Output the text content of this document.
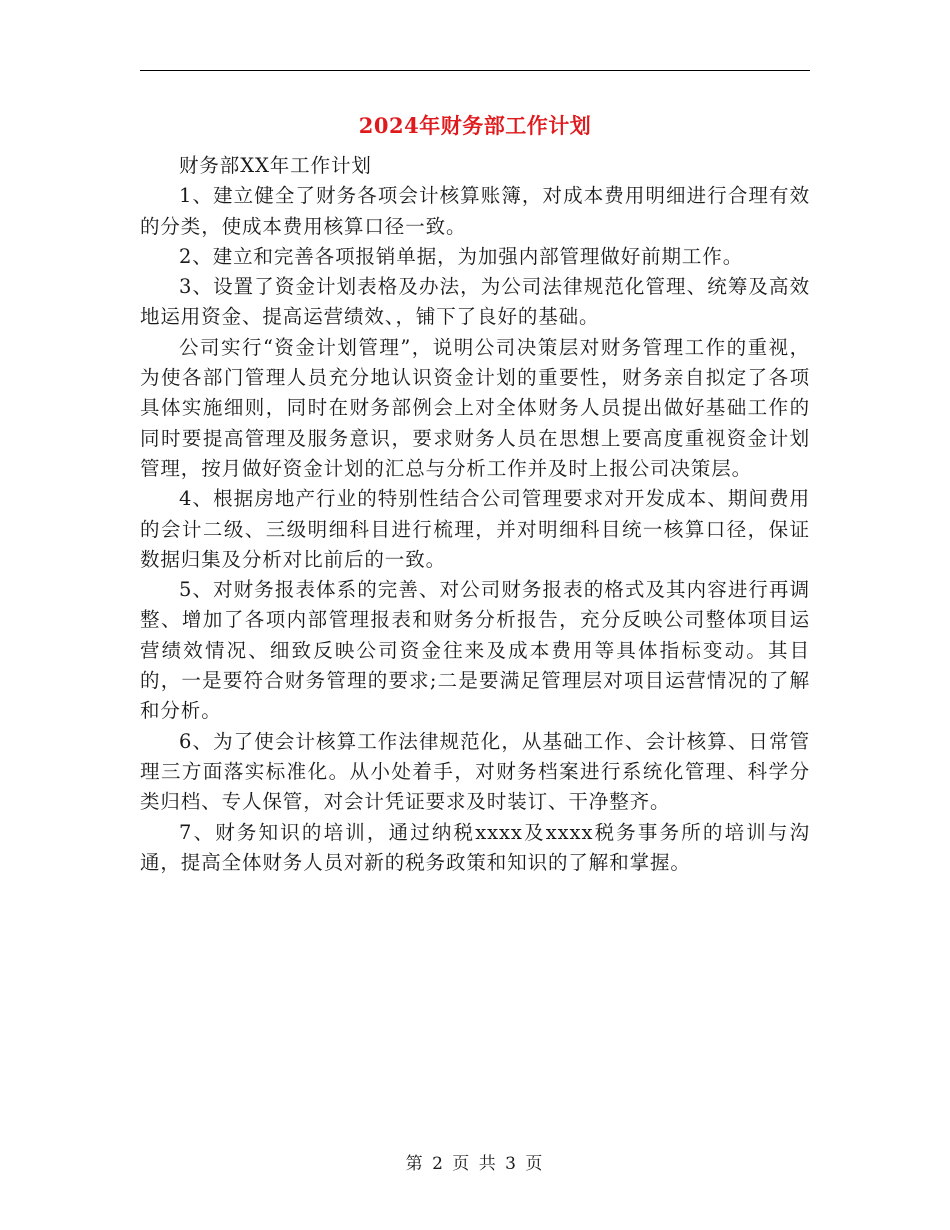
2024年财务部工作计划

财务部XX年工作计划

1、建立健全了财务各项会计核算账簿，对成本费用明细进行合理有效的分类，使成本费用核算口径一致。

2、建立和完善各项报销单据，为加强内部管理做好前期工作。

3、设置了资金计划表格及办法，为公司法律规范化管理、统筹及高效地运用资金、提高运营绩效、，铺下了良好的基础。

公司实行“资金计划管理”，说明公司决策层对财务管理工作的重视，为使各部门管理人员充分地认识资金计划的重要性，财务亲自拟定了各项具体实施细则，同时在财务部例会上对全体财务人员提出做好基础工作的同时要提高管理及服务意识，要求财务人员在思想上要高度重视资金计划管理，按月做好资金计划的汇总与分析工作并及时上报公司决策层。

4、根据房地产行业的特别性结合公司管理要求对开发成本、期间费用的会计二级、三级明细科目进行梳理，并对明细科目统一核算口径，保证数据归集及分析对比前后的一致。

5、对财务报表体系的完善、对公司财务报表的格式及其内容进行再调整、增加了各项内部管理报表和财务分析报告，充分反映公司整体项目运营绩效情况、细致反映公司资金往来及成本费用等具体指标变动。其目的，一是要符合财务管理的要求;二是要满足管理层对项目运营情况的了解和分析。

6、为了使会计核算工作法律规范化，从基础工作、会计核算、日常管理三方面落实标准化。从小处着手，对财务档案进行系统化管理、科学分类归档、专人保管，对会计凭证要求及时装订、干净整齐。

7、财务知识的培训，通过纳税xxxx及xxxx税务事务所的培训与沟通，提高全体财务人员对新的税务政策和知识的了解和掌握。

第 2 页 共 3 页
